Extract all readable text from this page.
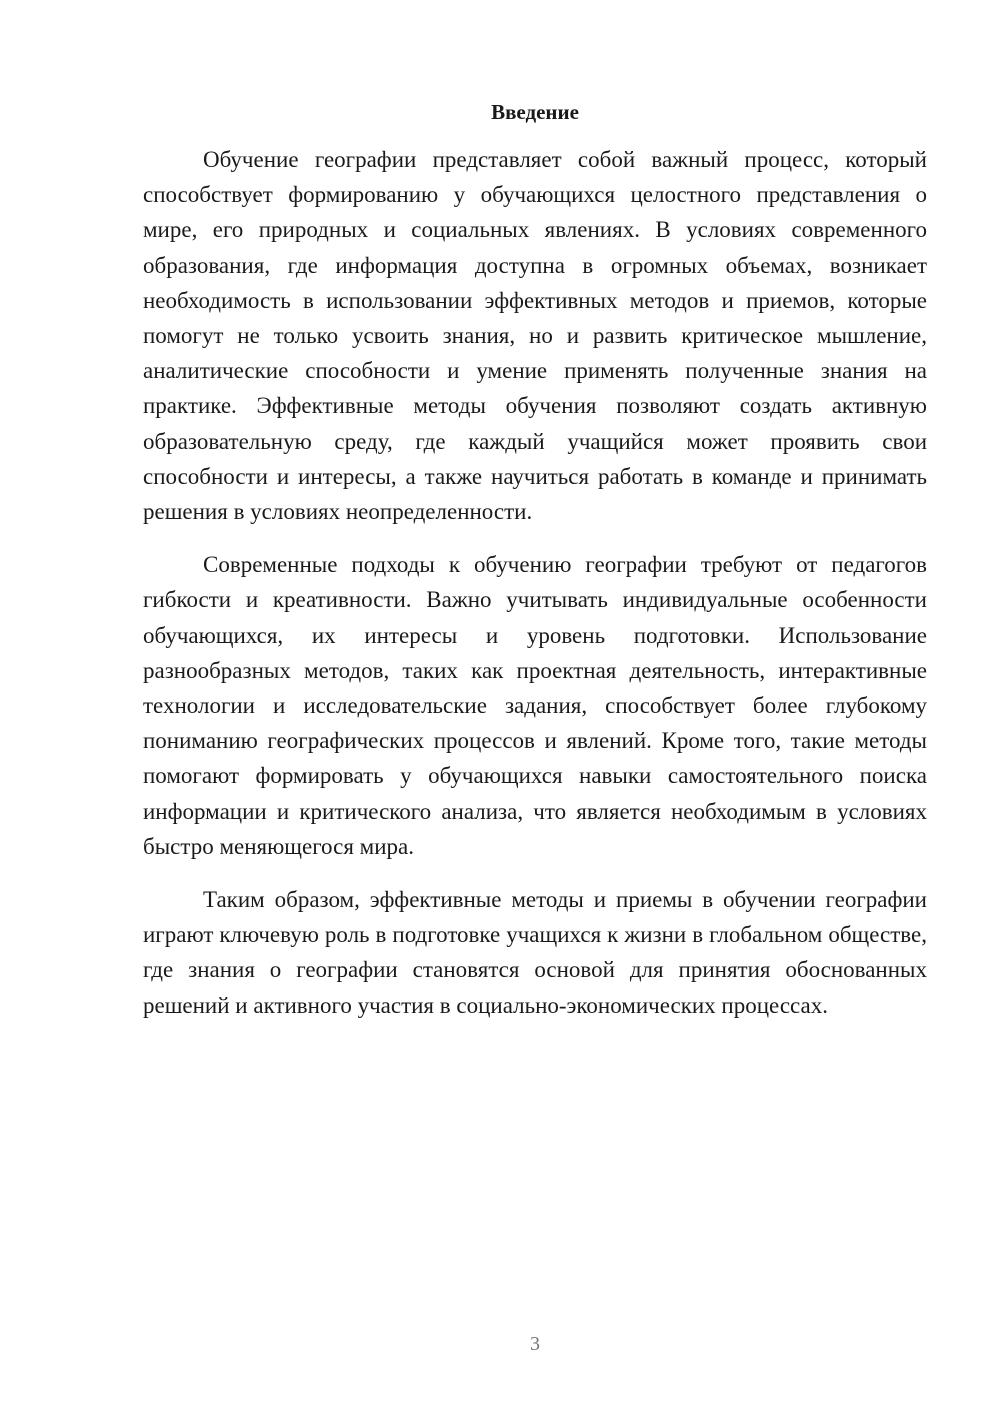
Введение

Обучение географии представляет собой важный процесс, который способствует формированию у обучающихся целостного представления о мире, его природных и социальных явлениях. В условиях современного образования, где информация доступна в огромных объемах, возникает необходимость в использовании эффективных методов и приемов, которые помогут не только усвоить знания, но и развить критическое мышление, аналитические способности и умение применять полученные знания на практике. Эффективные методы обучения позволяют создать активную образовательную среду, где каждый учащийся может проявить свои способности и интересы, а также научиться работать в команде и принимать решения в условиях неопределенности.

Современные подходы к обучению географии требуют от педагогов гибкости и креативности. Важно учитывать индивидуальные особенности обучающихся, их интересы и уровень подготовки. Использование разнообразных методов, таких как проектная деятельность, интерактивные технологии и исследовательские задания, способствует более глубокому пониманию географических процессов и явлений. Кроме того, такие методы помогают формировать у обучающихся навыки самостоятельного поиска информации и критического анализа, что является необходимым в условиях быстро меняющегося мира.

Таким образом, эффективные методы и приемы в обучении географии играют ключевую роль в подготовке учащихся к жизни в глобальном обществе, где знания о географии становятся основой для принятия обоснованных решений и активного участия в социально-экономических процессах.

3
